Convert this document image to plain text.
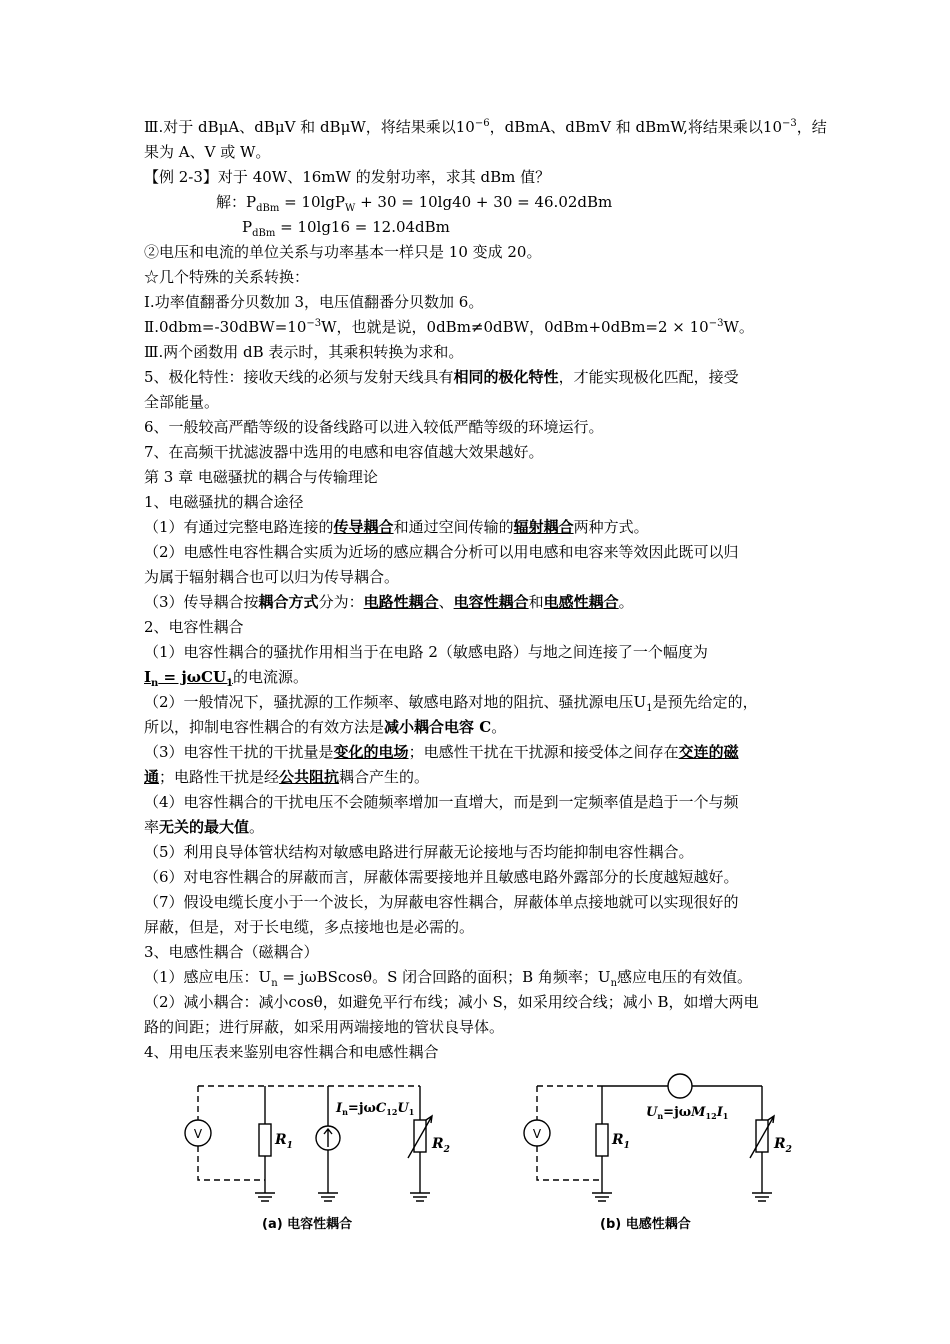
Ⅲ.对于 dBμA、dBμV 和 dBμW，将结果乘以$10^{-6}$，dBmA、dBmV 和 dBmW,将结果乘以$10^{-3}$，结
果为 A、V 或 W。
【例 2-3】对于 40W、16mW 的发射功率，求其 dBm 值？
解：$P_{dBm} = 10\lg P_W + 30 = 10\lg 40 + 30 = 46.02dBm$
$P_{dBm} = 10\lg 16 = 12.04dBm$
②电压和电流的单位关系与功率基本一样只是 10 变成 20。
☆几个特殊的关系转换：
Ⅰ.功率值翻番分贝数加 3，电压值翻番分贝数加 6。
$Ⅱ.0dbm=-30dBW=10^{-3}W$，也就是说，0dBm≠0dBW，$0dBm+0dBm=2 \times 10^{-3}W$。
Ⅲ.两个函数用 dB 表示时，其乘积转换为求和。
5、极化特性：接收天线的必须与发射天线具有相同的极化特性，才能实现极化匹配，接受
全部能量。
6、一般较高严酷等级的设备线路可以进入较低严酷等级的环境运行。
7、在高频干扰滤波器中选用的电感和电容值越大效果越好。
第 3 章 电磁骚扰的耦合与传输理论
1、电磁骚扰的耦合途径
（1）有通过完整电路连接的传导耦合和通过空间传输的辐射耦合两种方式。
（2）电感性电容性耦合实质为近场的感应耦合分析可以用电感和电容来等效因此既可以归
为属于辐射耦合也可以归为传导耦合。
（3）传导耦合按耦合方式分为：电路性耦合、电容性耦合和电感性耦合。
2、电容性耦合
（1）电容性耦合的骚扰作用相当于在电路 2（敏感电路）与地之间连接了一个幅度为
$I_n = j\omega CU_1$的电流源。
（2）一般情况下，骚扰源的工作频率、敏感电路对地的阻抗、骚扰源电压$U_1$是预先给定的，
所以，抑制电容性耦合的有效方法是减小耦合电容 C。
（3）电容性干扰的干扰量是变化的电场；电感性干扰在干扰源和接受体之间存在交连的磁
通；电路性干扰是经公共阻抗耦合产生的。
（4）电容性耦合的干扰电压不会随频率增加一直增大，而是到一定频率值是趋于一个与频
率无关的最大值。
（5）利用良导体管状结构对敏感电路进行屏蔽无论接地与否均能抑制电容性耦合。
（6）对电容性耦合的屏蔽而言，屏蔽体需要接地并且敏感电路外露部分的长度越短越好。
（7）假设电缆长度小于一个波长，为屏蔽电容性耦合，屏蔽体单点接地就可以实现很好的
屏蔽，但是，对于长电缆，多点接地也是必需的。
3、电感性耦合（磁耦合）
（1）感应电压：$U_n = j\omega BScos\theta$。S 闭合回路的面积；B 角频率；$U_n$感应电压的有效值。
（2）减小耦合：减小cosθ，如避免平行布线；减小 S，如采用绞合线；减小 B，如增大两电
路的间距；进行屏蔽，如采用两端接地的管状良导体。
4、用电压表来鉴别电容性耦合和电感性耦合
V	$R_1$	$R_2$
$I_n=j\omega C_{12}U_1$
(a) 电容性耦合
V	$R_1$	$R_2$
$U_n=j\omega M_{12}I_1$
(b) 电感性耦合
